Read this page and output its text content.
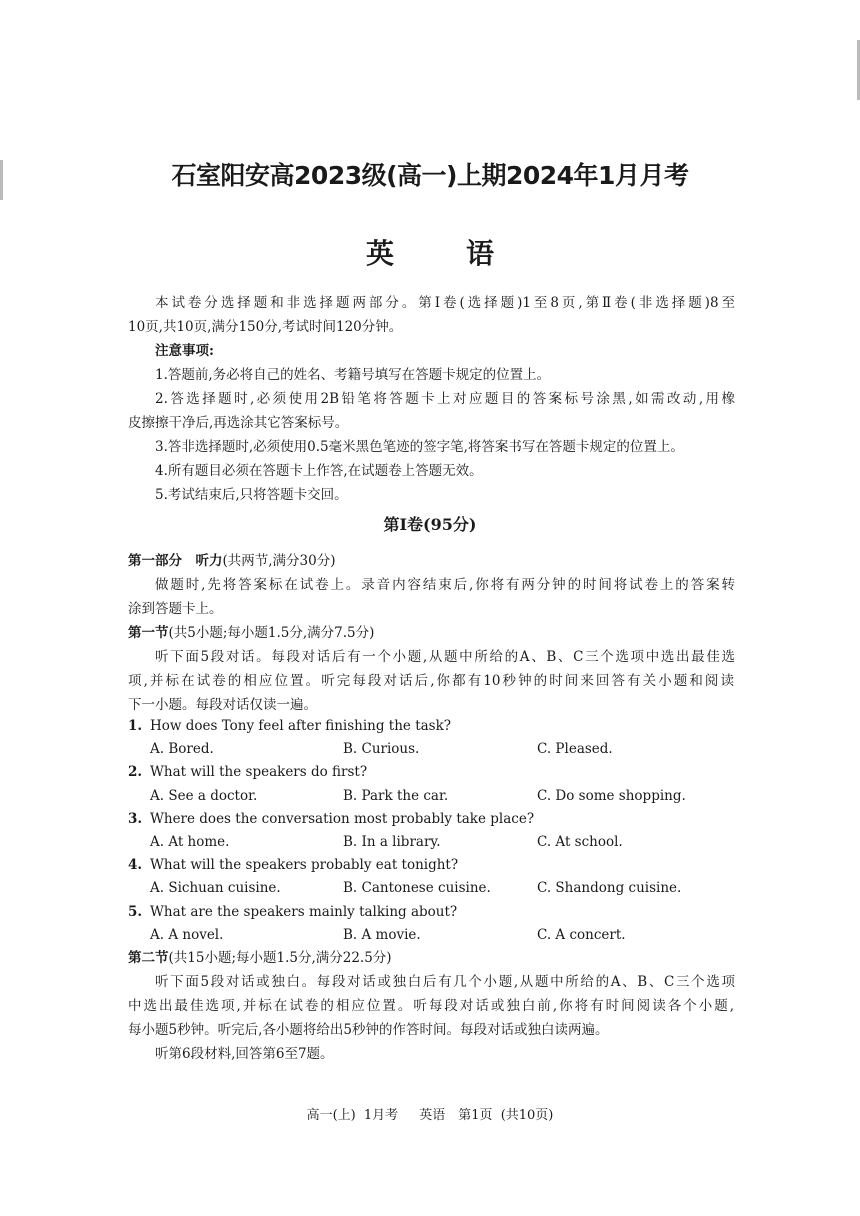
石室阳安高2023级(高一)上期2024年1月月考
英　语
本试卷分选择题和非选择题两部分。第Ⅰ卷(选择题)1至8页,第Ⅱ卷(非选择题)8至
10页,共10页,满分150分,考试时间120分钟。
注意事项:
1.答题前,务必将自己的姓名、考籍号填写在答题卡规定的位置上。
2.答选择题时,必须使用2B铅笔将答题卡上对应题目的答案标号涂黑,如需改动,用橡
皮擦擦干净后,再选涂其它答案标号。
3.答非选择题时,必须使用0.5毫米黑色笔迹的签字笔,将答案书写在答题卡规定的位置上。
4.所有题目必须在答题卡上作答,在试题卷上答题无效。
5.考试结束后,只将答题卡交回。
第Ⅰ卷(95分)
第一部分　听力(共两节,满分30分)
做题时,先将答案标在试卷上。录音内容结束后,你将有两分钟的时间将试卷上的答案转
涂到答题卡上。
第一节(共5小题;每小题1.5分,满分7.5分)
听下面5段对话。每段对话后有一个小题,从题中所给的A、B、C三个选项中选出最佳选
项,并标在试卷的相应位置。听完每段对话后,你都有10秒钟的时间来回答有关小题和阅读
下一小题。每段对话仅读一遍。
1. How does Tony feel after finishing the task?
A. Bored.	B. Curious.	C. Pleased.
2. What will the speakers do first?
A. See a doctor.	B. Park the car.	C. Do some shopping.
3. Where does the conversation most probably take place?
A. At home.	B. In a library.	C. At school.
4. What will the speakers probably eat tonight?
A. Sichuan cuisine.	B. Cantonese cuisine.	C. Shandong cuisine.
5. What are the speakers mainly talking about?
A. A novel.	B. A movie.	C. A concert.
第二节(共15小题;每小题1.5分,满分22.5分)
听下面5段对话或独白。每段对话或独白后有几个小题,从题中所给的A、B、C三个选项
中选出最佳选项,并标在试卷的相应位置。听每段对话或独白前,你将有时间阅读各个小题,
每小题5秒钟。听完后,各小题将给出5秒钟的作答时间。每段对话或独白读两遍。
听第6段材料,回答第6至7题。
高一(上) 1月考　 英语　第1页 (共10页)
